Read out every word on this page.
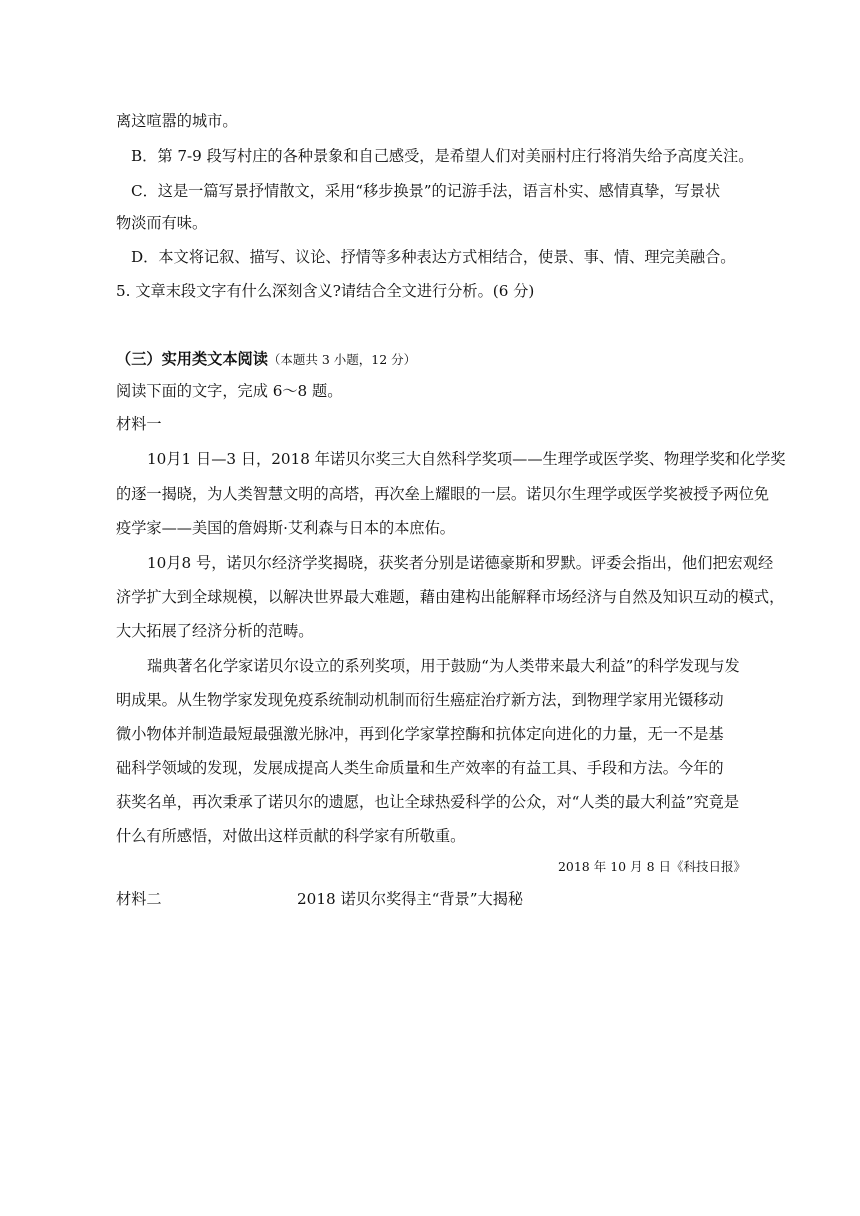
离这喧嚣的城市。
B．第 7-9 段写村庄的各种景象和自己感受，是希望人们对美丽村庄行将消失给予高度关注。
C．这是一篇写景抒情散文，采用“移步换景”的记游手法，语言朴实、感情真挚，写景状
物淡而有味。
D．本文将记叙、描写、议论、抒情等多种表达方式相结合，使景、事、情、理完美融合。
5. 文章末段文字有什么深刻含义?请结合全文进行分析。(6 分)
（三）实用类文本阅读（本题共 3 小题，12 分）
阅读下面的文字，完成 6～8 题。
材料一
10月1 日—3 日，2018 年诺贝尔奖三大自然科学奖项——生理学或医学奖、物理学奖和化学奖
的逐一揭晓，为人类智慧文明的高塔，再次垒上耀眼的一层。诺贝尔生理学或医学奖被授予两位免
疫学家——美国的詹姆斯·艾利森与日本的本庶佑。
10月8 号，诺贝尔经济学奖揭晓，获奖者分别是诺德豪斯和罗默。评委会指出，他们把宏观经
济学扩大到全球规模，以解决世界最大难题，藉由建构出能解释市场经济与自然及知识互动的模式，
大大拓展了经济分析的范畴。
瑞典著名化学家诺贝尔设立的系列奖项，用于鼓励“为人类带来最大利益”的科学发现与发
明成果。从生物学家发现免疫系统制动机制而衍生癌症治疗新方法，到物理学家用光镊移动
微小物体并制造最短最强激光脉冲，再到化学家掌控酶和抗体定向进化的力量，无一不是基
础科学领域的发现，发展成提高人类生命质量和生产效率的有益工具、手段和方法。今年的
获奖名单，再次秉承了诺贝尔的遗愿，也让全球热爱科学的公众，对“人类的最大利益”究竟是
什么有所感悟，对做出这样贡献的科学家有所敬重。
2018 年 10 月 8 日《科技日报》
材料二	2018 诺贝尔奖得主“背景”大揭秘
